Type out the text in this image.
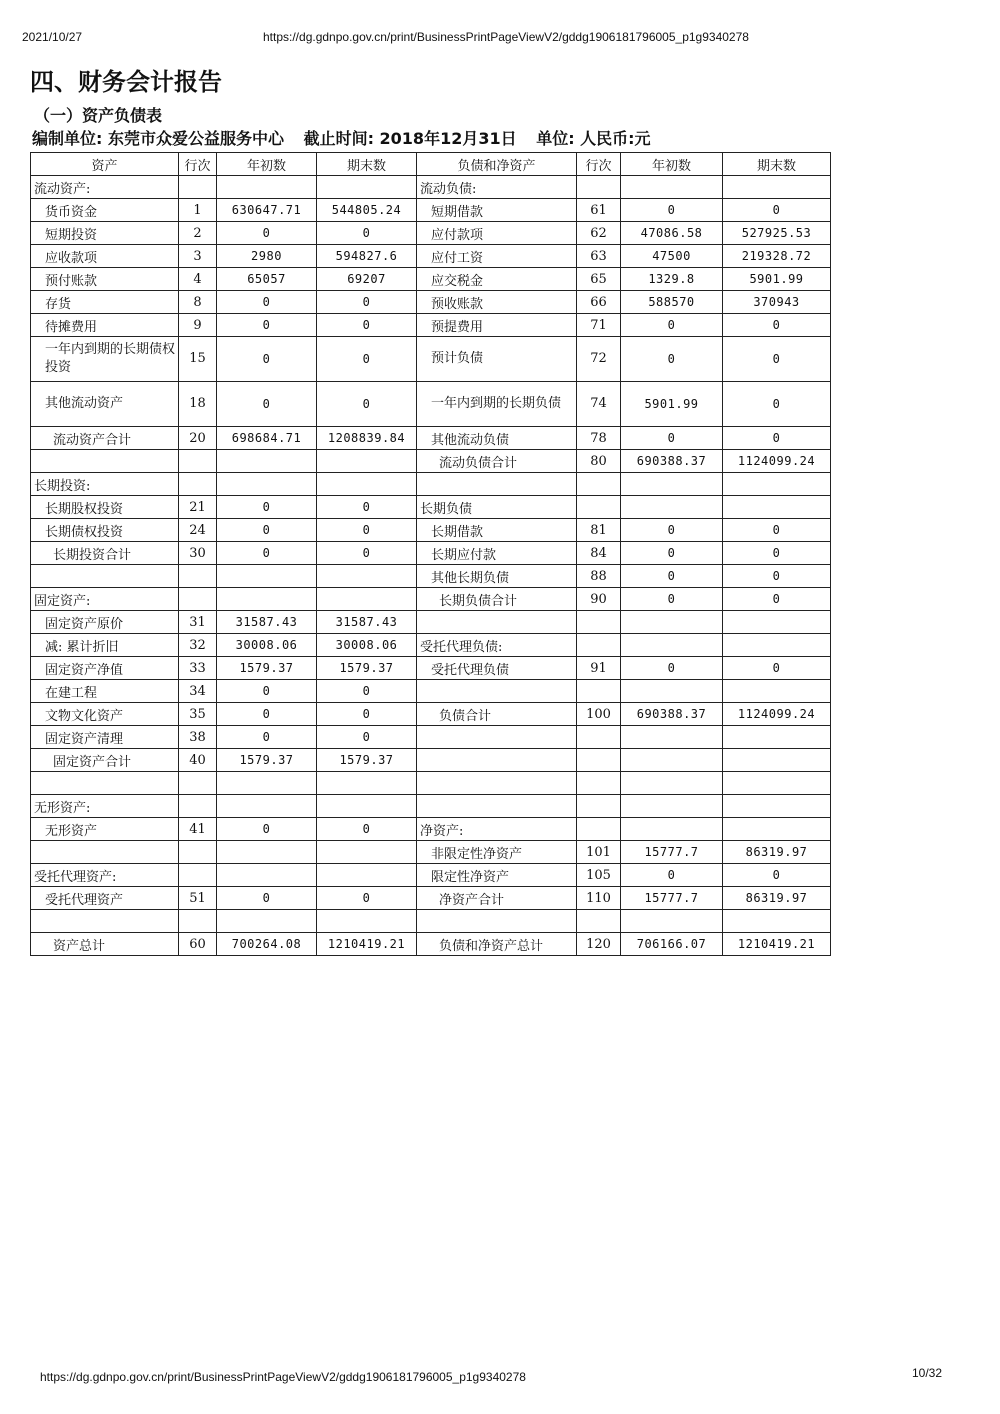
2021/10/27	https://dg.gdnpo.gov.cn/print/BusinessPrintPageViewV2/gddg1906181796005_p1g9340278
四、财务会计报告
（一）资产负债表
编制单位: 东莞市众爱公益服务中心 截止时间: 2018年12月31日 单位: 人民币:元
资产	行次	年初数	期末数	负债和净资产	行次	年初数	期末数
流动资产:				流动负债:			
货币资金	1	630647.71	544805.24	短期借款	61	0	0
短期投资	2	0	0	应付款项	62	47086.58	527925.53
应收款项	3	2980	594827.6	应付工资	63	47500	219328.72
预付账款	4	65057	69207	应交税金	65	1329.8	5901.99
存货	8	0	0	预收账款	66	588570	370943
待摊费用	9	0	0	预提费用	71	0	0
一年内到期的长期债权投资	15	0	0	预计负债	72	0	0
其他流动资产	18	0	0	一年内到期的长期负债	74	5901.99	0
流动资产合计	20	698684.71	1208839.84	其他流动负债	78	0	0
				流动负债合计	80	690388.37	1124099.24
长期投资:							
长期股权投资	21	0	0	长期负债			
长期债权投资	24	0	0	长期借款	81	0	0
长期投资合计	30	0	0	长期应付款	84	0	0
				其他长期负债	88	0	0
固定资产:				长期负债合计	90	0	0
固定资产原价	31	31587.43	31587.43				
减: 累计折旧	32	30008.06	30008.06	受托代理负债:			
固定资产净值	33	1579.37	1579.37	受托代理负债	91	0	0
在建工程	34	0	0				
文物文化资产	35	0	0	负债合计	100	690388.37	1124099.24
固定资产清理	38	0	0				
固定资产合计	40	1579.37	1579.37				

无形资产:							
无形资产	41	0	0	净资产:			
				非限定性净资产	101	15777.7	86319.97
受托代理资产:				限定性净资产	105	0	0
受托代理资产	51	0	0	净资产合计	110	15777.7	86319.97

资产总计	60	700264.08	1210419.21	负债和净资产总计	120	706166.07	1210419.21
https://dg.gdnpo.gov.cn/print/BusinessPrintPageViewV2/gddg1906181796005_p1g9340278	10/32
